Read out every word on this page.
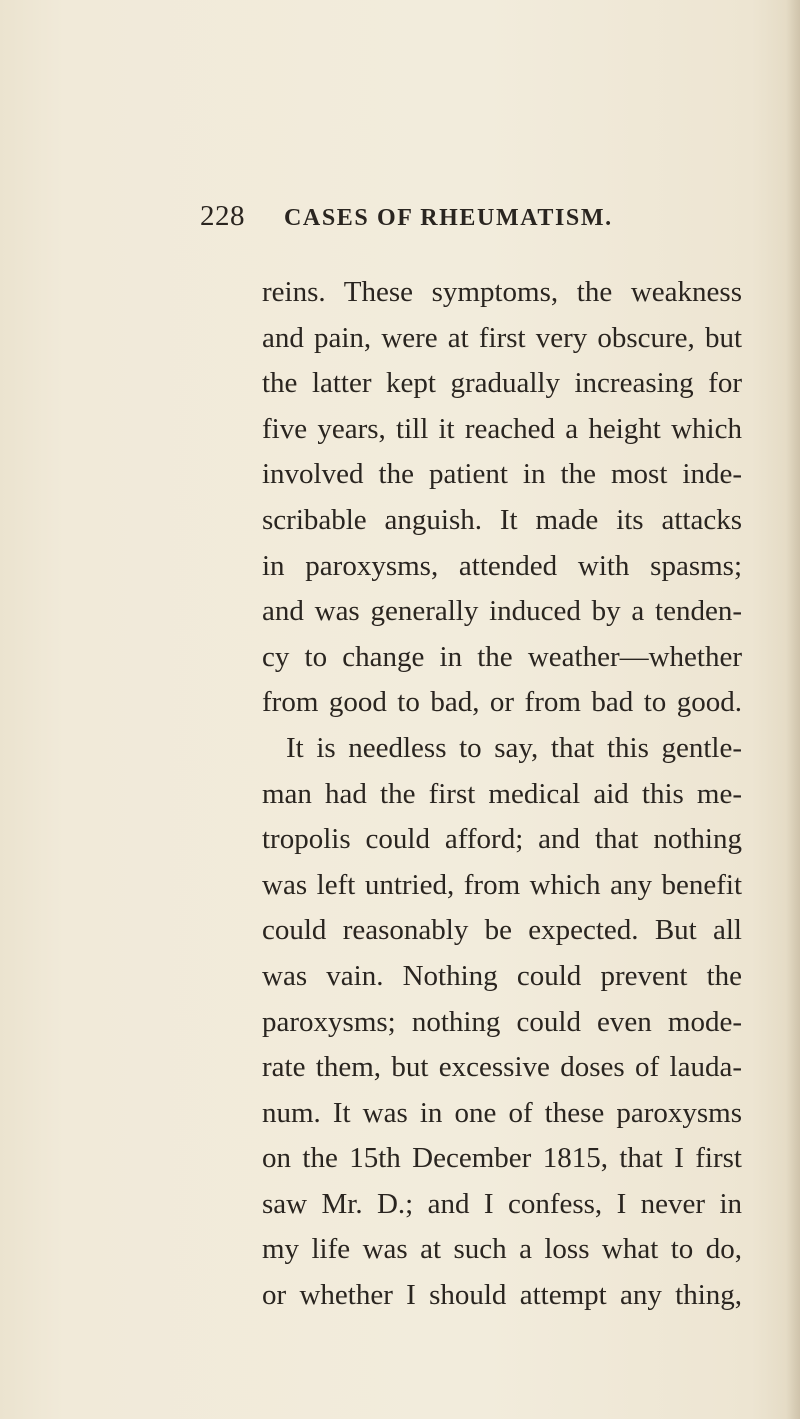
228 CASES OF RHEUMATISM.
reins. These symptoms, the weakness
and pain, were at first very obscure, but
the latter kept gradually increasing for
five years, till it reached a height which
involved the patient in the most inde-
scribable anguish. It made its attacks
in paroxysms, attended with spasms;
and was generally induced by a tenden-
cy to change in the weather—whether
from good to bad, or from bad to good.
It is needless to say, that this gentle-
man had the first medical aid this me-
tropolis could afford; and that nothing
was left untried, from which any benefit
could reasonably be expected. But all
was vain. Nothing could prevent the
paroxysms; nothing could even mode-
rate them, but excessive doses of lauda-
num. It was in one of these paroxysms
on the 15th December 1815, that I first
saw Mr. D.; and I confess, I never in
my life was at such a loss what to do,
or whether I should attempt any thing,
